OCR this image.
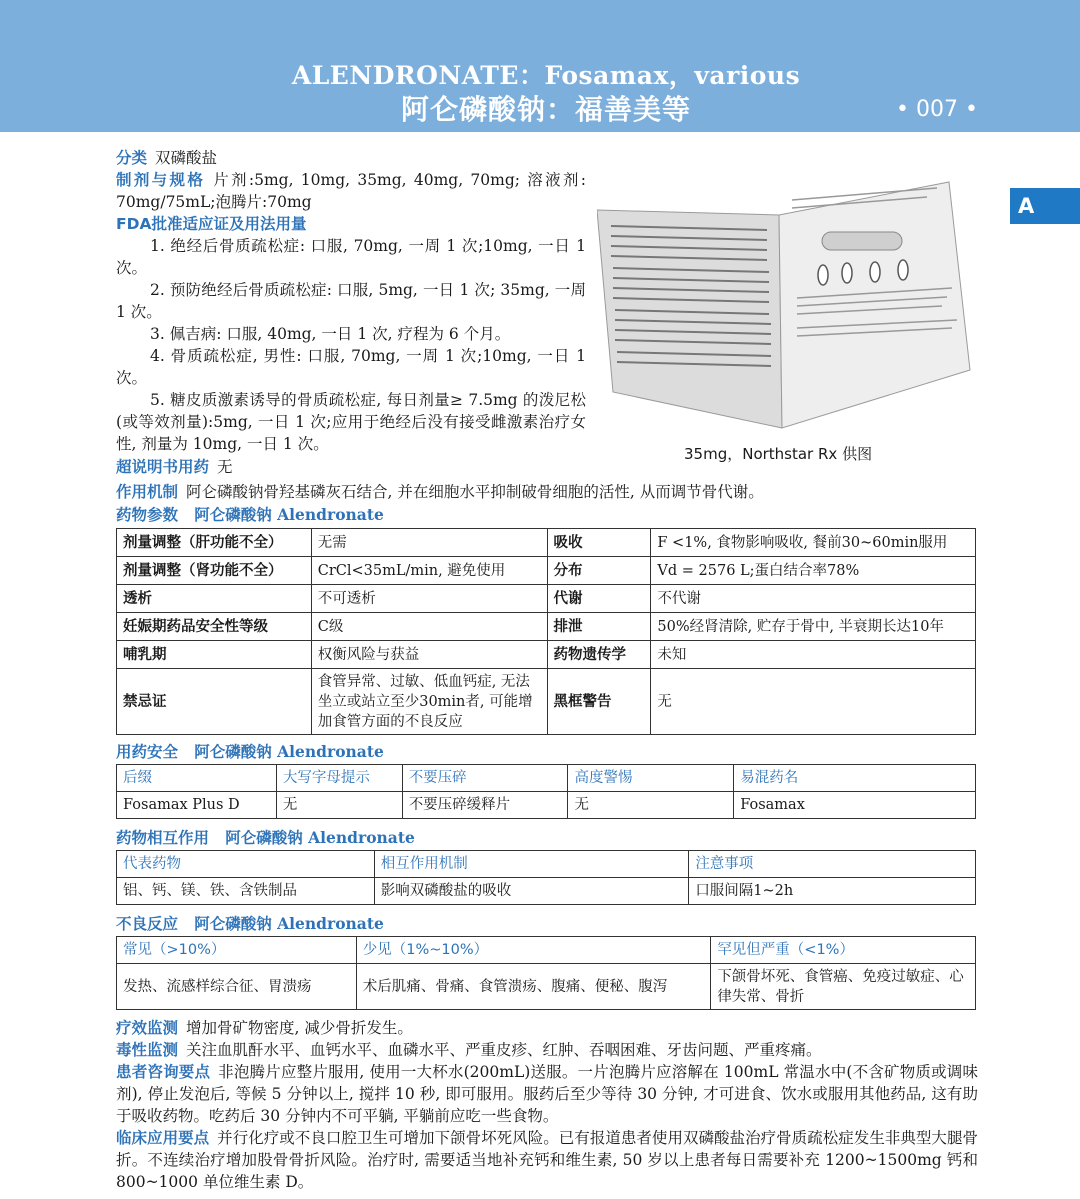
ALENDRONATE：Fosamax，various
阿仑磷酸钠：福善美等	• 007 •
A
分类 双磷酸盐
制剂与规格 片剂:5mg, 10mg, 35mg, 40mg, 70mg; 溶液剂: 70mg/75mL;泡腾片:70mg
FDA批准适应证及用法用量
1. 绝经后骨质疏松症: 口服, 70mg, 一周 1 次;10mg, 一日 1 次。
2. 预防绝经后骨质疏松症: 口服, 5mg, 一日 1 次; 35mg, 一周 1 次。
3. 佩吉病: 口服, 40mg, 一日 1 次, 疗程为 6 个月。
4. 骨质疏松症, 男性: 口服, 70mg, 一周 1 次;10mg, 一日 1 次。
5. 糖皮质激素诱导的骨质疏松症, 每日剂量≥ 7.5mg 的泼尼松(或等效剂量):5mg, 一日 1 次;应用于绝经后没有接受雌激素治疗女性, 剂量为 10mg, 一日 1 次。
35mg，Northstar Rx 供图
超说明书用药 无
作用机制 阿仑磷酸钠骨羟基磷灰石结合, 并在细胞水平抑制破骨细胞的活性, 从而调节骨代谢。
药物参数 阿仑磷酸钠 Alendronate
剂量调整（肝功能不全）	无需	吸收	F <1%, 食物影响吸收, 餐前30~60min服用
剂量调整（肾功能不全）	CrCl<35mL/min, 避免使用	分布	Vd = 2576 L;蛋白结合率78%
透析	不可透析	代谢	不代谢
妊娠期药品安全性等级	C级	排泄	50%经肾清除, 贮存于骨中, 半衰期长达10年
哺乳期	权衡风险与获益	药物遗传学	未知
禁忌证	食管异常、过敏、低血钙症, 无法坐立或站立至少30min者, 可能增加食管方面的不良反应	黑框警告	无
用药安全 阿仑磷酸钠 Alendronate
后缀	大写字母提示	不要压碎	高度警惕	易混药名
Fosamax Plus D	无	不要压碎缓释片	无	Fosamax
药物相互作用 阿仑磷酸钠 Alendronate
代表药物	相互作用机制	注意事项
铝、钙、镁、铁、含铁制品	影响双磷酸盐的吸收	口服间隔1~2h
不良反应 阿仑磷酸钠 Alendronate
常见（>10%）	少见（1%~10%）	罕见但严重（<1%）
发热、流感样综合征、胃溃疡	术后肌痛、骨痛、食管溃疡、腹痛、便秘、腹泻	下颌骨坏死、食管癌、免疫过敏症、心律失常、骨折
疗效监测 增加骨矿物密度, 减少骨折发生。
毒性监测 关注血肌酐水平、血钙水平、血磷水平、严重皮疹、红肿、吞咽困难、牙齿问题、严重疼痛。
患者咨询要点 非泡腾片应整片服用, 使用一大杯水(200mL)送服。一片泡腾片应溶解在 100mL 常温水中(不含矿物质或调味剂), 停止发泡后, 等候 5 分钟以上, 搅拌 10 秒, 即可服用。服药后至少等待 30 分钟, 才可进食、饮水或服用其他药品, 这有助于吸收药物。吃药后 30 分钟内不可平躺, 平躺前应吃一些食物。
临床应用要点 并行化疗或不良口腔卫生可增加下颌骨坏死风险。已有报道患者使用双磷酸盐治疗骨质疏松症发生非典型大腿骨折。不连续治疗增加股骨骨折风险。治疗时, 需要适当地补充钙和维生素, 50 岁以上患者每日需要补充 1200~1500mg 钙和 800~1000 单位维生素 D。
